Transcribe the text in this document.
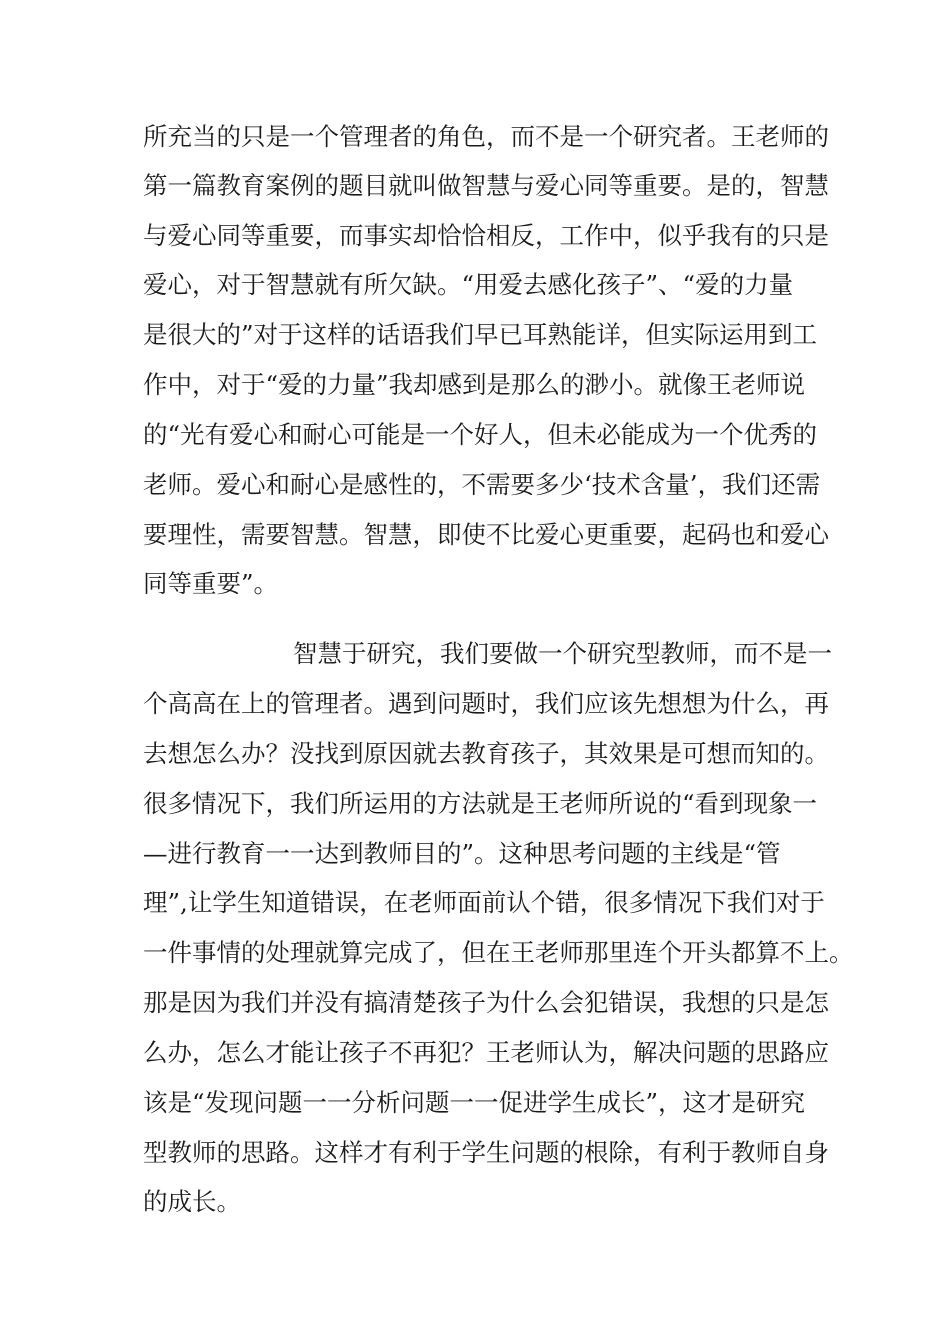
所充当的只是一个管理者的角色，而不是一个研究者。王老师的
第一篇教育案例的题目就叫做智慧与爱心同等重要。是的，智慧
与爱心同等重要，而事实却恰恰相反，工作中，似乎我有的只是
爱心，对于智慧就有所欠缺。“用爱去感化孩子”、“爱的力量
是很大的”对于这样的话语我们早已耳熟能详，但实际运用到工
作中，对于“爱的力量”我却感到是那么的渺小。就像王老师说
的“光有爱心和耐心可能是一个好人，但未必能成为一个优秀的
老师。爱心和耐心是感性的，不需要多少‘技术含量’，我们还需
要理性，需要智慧。智慧，即使不比爱心更重要，起码也和爱心
同等重要”。
智慧于研究，我们要做一个研究型教师，而不是一
个高高在上的管理者。遇到问题时，我们应该先想想为什么，再
去想怎么办？没找到原因就去教育孩子，其效果是可想而知的。
很多情况下，我们所运用的方法就是王老师所说的“看到现象一
—进行教育一一达到教师目的”。这种思考问题的主线是“管
理”,让学生知道错误，在老师面前认个错，很多情况下我们对于
一件事情的处理就算完成了，但在王老师那里连个开头都算不上。
那是因为我们并没有搞清楚孩子为什么会犯错误，我想的只是怎
么办，怎么才能让孩子不再犯？王老师认为，解决问题的思路应
该是“发现问题一一分析问题一一促进学生成长”，这才是研究
型教师的思路。这样才有利于学生问题的根除，有利于教师自身
的成长。
